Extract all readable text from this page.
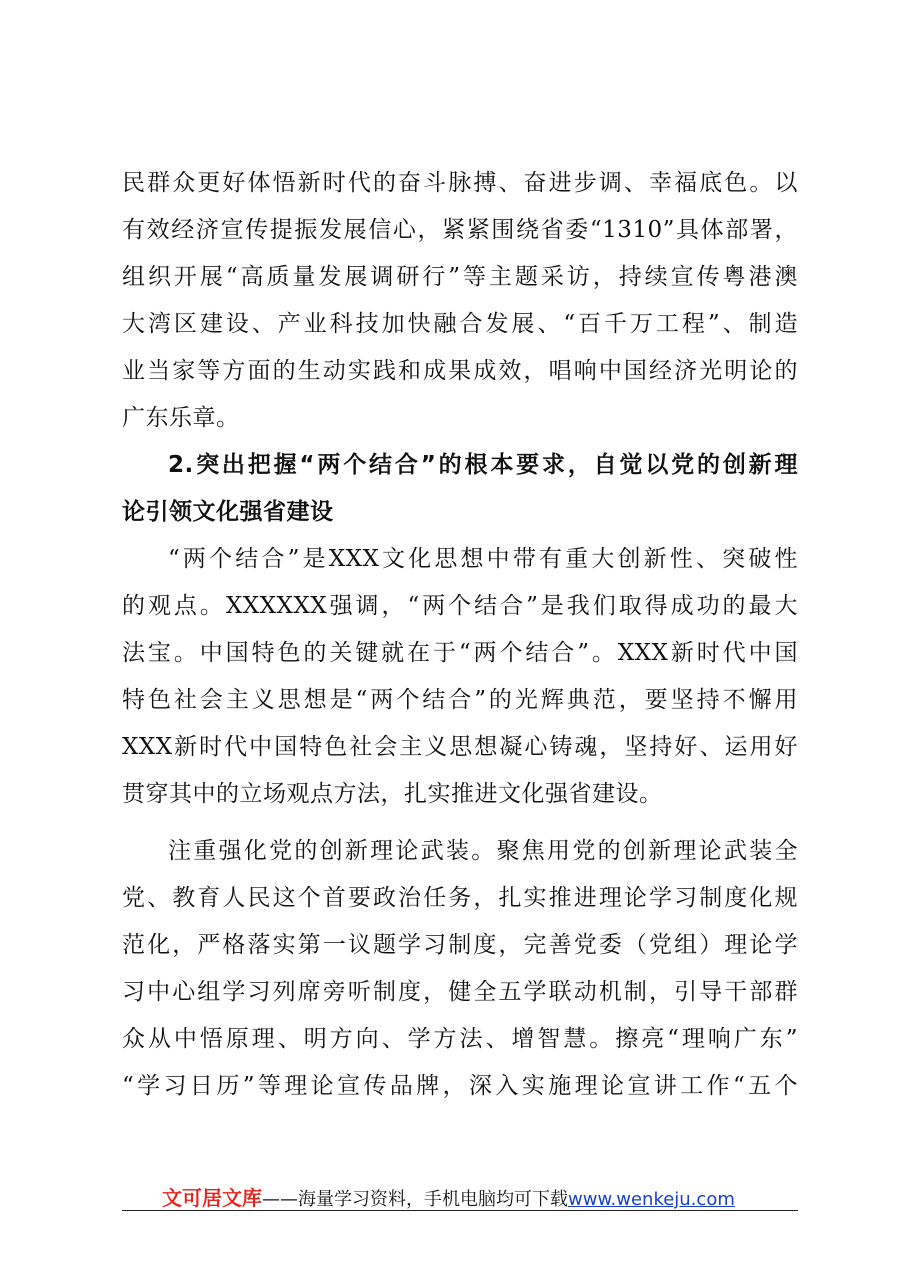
民群众更好体悟新时代的奋斗脉搏、奋进步调、幸福底色。以
有效经济宣传提振发展信心，紧紧围绕省委“1310”具体部署，
组织开展“高质量发展调研行”等主题采访，持续宣传粤港澳
大湾区建设、产业科技加快融合发展、“百千万工程”、制造
业当家等方面的生动实践和成果成效，唱响中国经济光明论的
广东乐章。
2.突出把握“两个结合”的根本要求，自觉以党的创新理
论引领文化强省建设
“两个结合”是XXX文化思想中带有重大创新性、突破性
的观点。XXXXXX强调，“两个结合”是我们取得成功的最大
法宝。中国特色的关键就在于“两个结合”。XXX新时代中国
特色社会主义思想是“两个结合”的光辉典范，要坚持不懈用
XXX新时代中国特色社会主义思想凝心铸魂，坚持好、运用好
贯穿其中的立场观点方法，扎实推进文化强省建设。
注重强化党的创新理论武装。聚焦用党的创新理论武装全
党、教育人民这个首要政治任务，扎实推进理论学习制度化规
范化，严格落实第一议题学习制度，完善党委（党组）理论学
习中心组学习列席旁听制度，健全五学联动机制，引导干部群
众从中悟原理、明方向、学方法、增智慧。擦亮“理响广东”
“学习日历”等理论宣传品牌，深入实施理论宣讲工作“五个
文可居文库——海量学习资料，手机电脑均可下载www.wenkeju.com
